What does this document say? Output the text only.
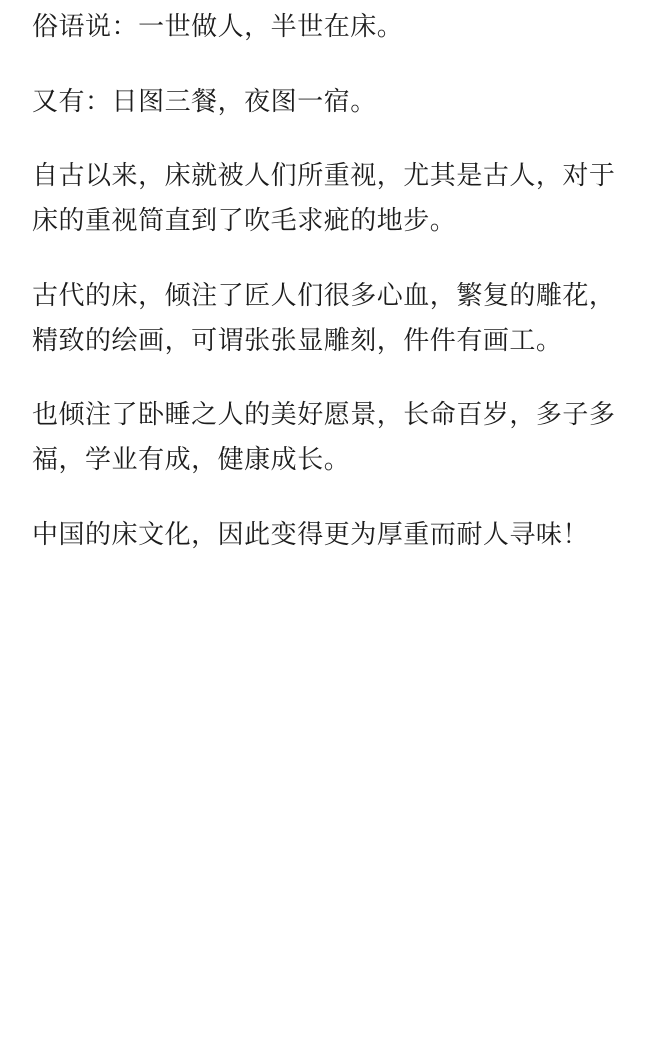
俗语说：一世做人，半世在床。

又有：日图三餐，夜图一宿。

自古以来，床就被人们所重视，尤其是古人，对于床的重视简直到了吹毛求疵的地步。

古代的床，倾注了匠人们很多心血，繁复的雕花，精致的绘画，可谓张张显雕刻，件件有画工。

也倾注了卧睡之人的美好愿景，长命百岁，多子多福，学业有成，健康成长。

中国的床文化，因此变得更为厚重而耐人寻味！
